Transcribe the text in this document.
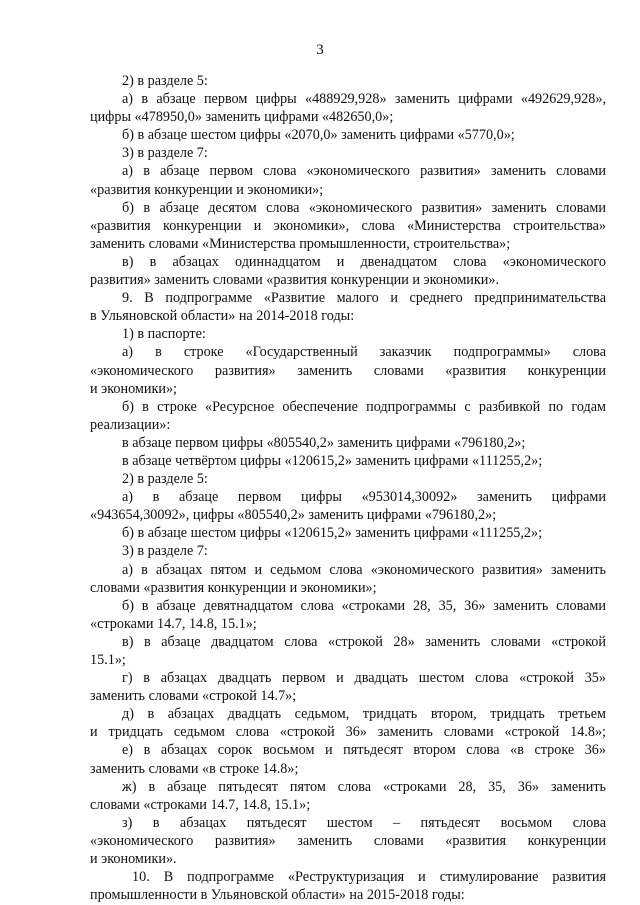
3
2) в разделе 5:
а) в абзаце первом цифры «488929,928» заменить цифрами «492629,928»,
цифры «478950,0» заменить цифрами «482650,0»;
б) в абзаце шестом цифры «2070,0» заменить цифрами «5770,0»;
3) в разделе 7:
а) в абзаце первом слова «экономического развития» заменить словами
«развития конкуренции и экономики»;
б) в абзаце десятом слова «экономического развития» заменить словами
«развития конкуренции и экономики», слова «Министерства строительства»
заменить словами «Министерства промышленности, строительства»;
в) в абзацах одиннадцатом и двенадцатом слова «экономического
развития» заменить словами «развития конкуренции и экономики».
9. В подпрограмме «Развитие малого и среднего предпринимательства
в Ульяновской области» на 2014-2018 годы:
1) в паспорте:
а) в строке «Государственный заказчик подпрограммы» слова
«экономического развития» заменить словами «развития конкуренции
и экономики»;
б) в строке «Ресурсное обеспечение подпрограммы с разбивкой по годам
реализации»:
в абзаце первом цифры «805540,2» заменить цифрами «796180,2»;
в абзаце четвёртом цифры «120615,2» заменить цифрами «111255,2»;
2) в разделе 5:
а) в абзаце первом цифры «953014,30092» заменить цифрами
«943654,30092», цифры «805540,2» заменить цифрами «796180,2»;
б) в абзаце шестом цифры «120615,2» заменить цифрами «111255,2»;
3) в разделе 7:
а) в абзацах пятом и седьмом слова «экономического развития» заменить
словами «развития конкуренции и экономики»;
б) в абзаце девятнадцатом слова «строками 28, 35, 36» заменить словами
«строками 14.7, 14.8, 15.1»;
в) в абзаце двадцатом слова «строкой 28» заменить словами «строкой
15.1»;
г) в абзацах двадцать первом и двадцать шестом слова «строкой 35»
заменить словами «строкой 14.7»;
д) в абзацах двадцать седьмом, тридцать втором, тридцать третьем
и тридцать седьмом слова «строкой 36» заменить словами «строкой 14.8»;
е) в абзацах сорок восьмом и пятьдесят втором слова «в строке 36»
заменить словами «в строке 14.8»;
ж) в абзаце пятьдесят пятом слова «строками 28, 35, 36» заменить
словами «строками 14.7, 14.8, 15.1»;
з) в абзацах пятьдесят шестом – пятьдесят восьмом слова
«экономического развития» заменить словами «развития конкуренции
и экономики».
10. В подпрограмме «Реструктуризация и стимулирование развития
промышленности в Ульяновской области» на 2015-2018 годы:
